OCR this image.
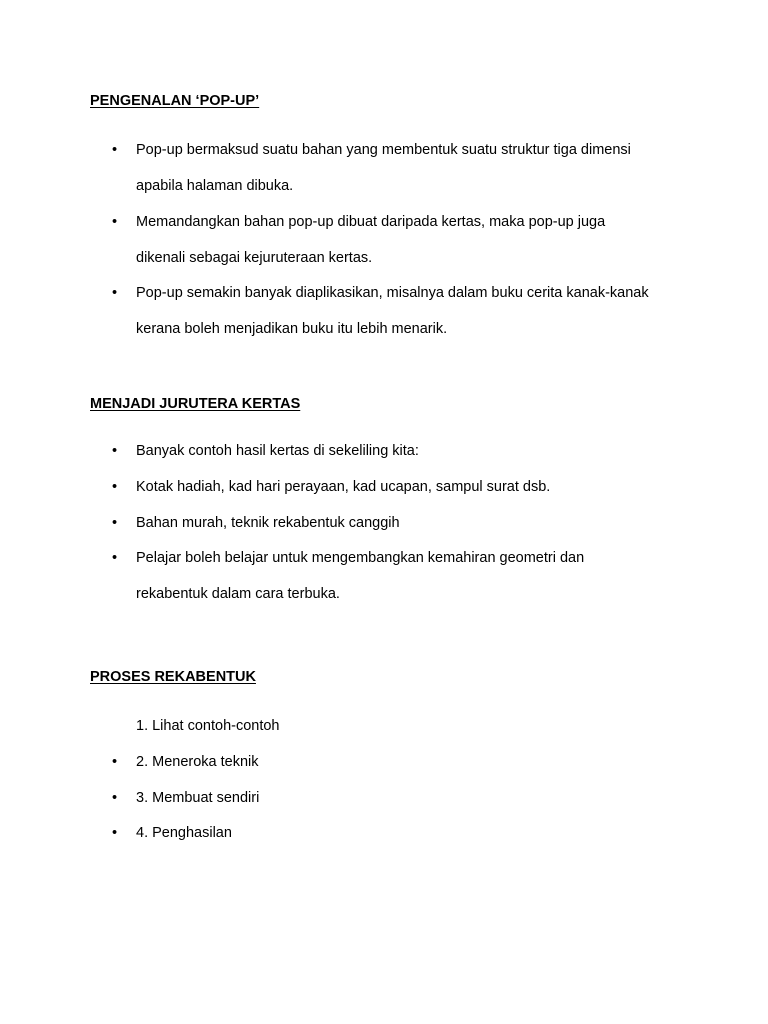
PENGENALAN ‘POP-UP’
• Pop-up bermaksud suatu bahan yang membentuk suatu struktur tiga dimensi

apabila halaman dibuka.

• Memandangkan bahan pop-up dibuat daripada kertas, maka pop-up juga

dikenali sebagai kejuruteraan kertas.

• Pop-up semakin banyak diaplikasikan, misalnya dalam buku cerita kanak-kanak

kerana boleh menjadikan buku itu lebih menarik.

MENJADI JURUTERA KERTAS
• Banyak contoh hasil kertas di sekeliling kita:

• Kotak hadiah, kad hari perayaan, kad ucapan, sampul surat dsb.

• Bahan murah, teknik rekabentuk canggih

• Pelajar boleh belajar untuk mengembangkan kemahiran geometri dan

rekabentuk dalam cara terbuka.

PROSES REKABENTUK

1. Lihat contoh-contoh

• 2. Meneroka teknik

• 3. Membuat sendiri

• 4. Penghasilan
